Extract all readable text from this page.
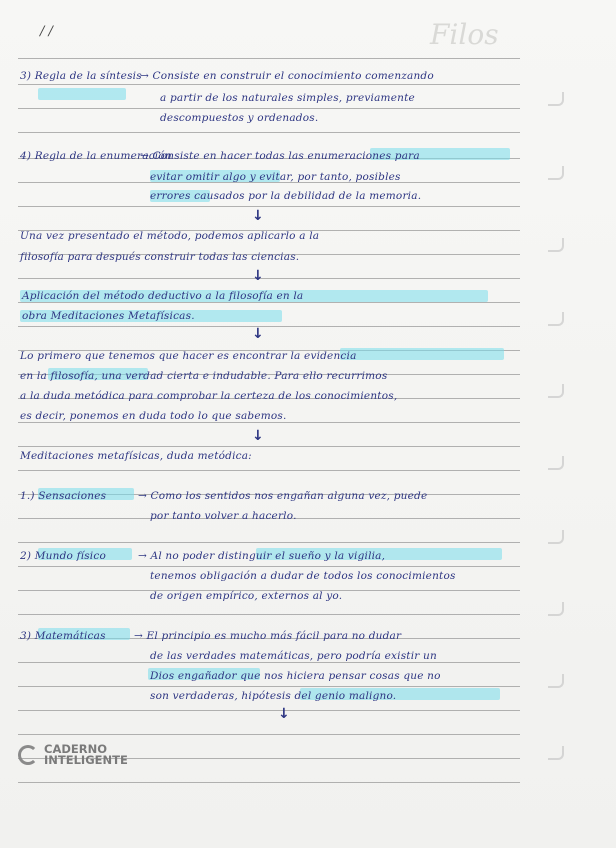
/ /	Filos
3) Regla de la síntesis
→ Consiste en construir el conocimiento comenzando
a partir de los naturales simples, previamente
descompuestos y ordenados.
4) Regla de la enumeración
→ Consiste en hacer todas las enumeraciones para
evitar omitir algo y evitar, por tanto, posibles
errores causados por la debilidad de la memoria.
↓
Una vez presentado el método, podemos aplicarlo a la
filosofía para después construir todas las ciencias.
↓
Aplicación del método deductivo a la filosofía en la
obra Meditaciones Metafísicas.
↓
Lo primero que tenemos que hacer es encontrar la evidencia
en la filosofía, una verdad cierta e indudable. Para ello recurrimos
a la duda metódica para comprobar la certeza de los conocimientos,
es decir, ponemos en duda todo lo que sabemos.
↓
Meditaciones metafísicas, duda metódica:
1.) Sensaciones	→ Como los sentidos nos engañan alguna vez, puede
por tanto volver a hacerlo.
2) Mundo físico	→ Al no poder distinguir el sueño y la vigilia,
tenemos obligación a dudar de todos los conocimientos
de origen empírico, externos al yo.
3) Matemáticas	→ El principio es mucho más fácil para no dudar
de las verdades matemáticas, pero podría existir un
Dios engañador que nos hiciera pensar cosas que no
son verdaderas, hipótesis del genio maligno.
↓
CADERNO
INTELIGENTE
